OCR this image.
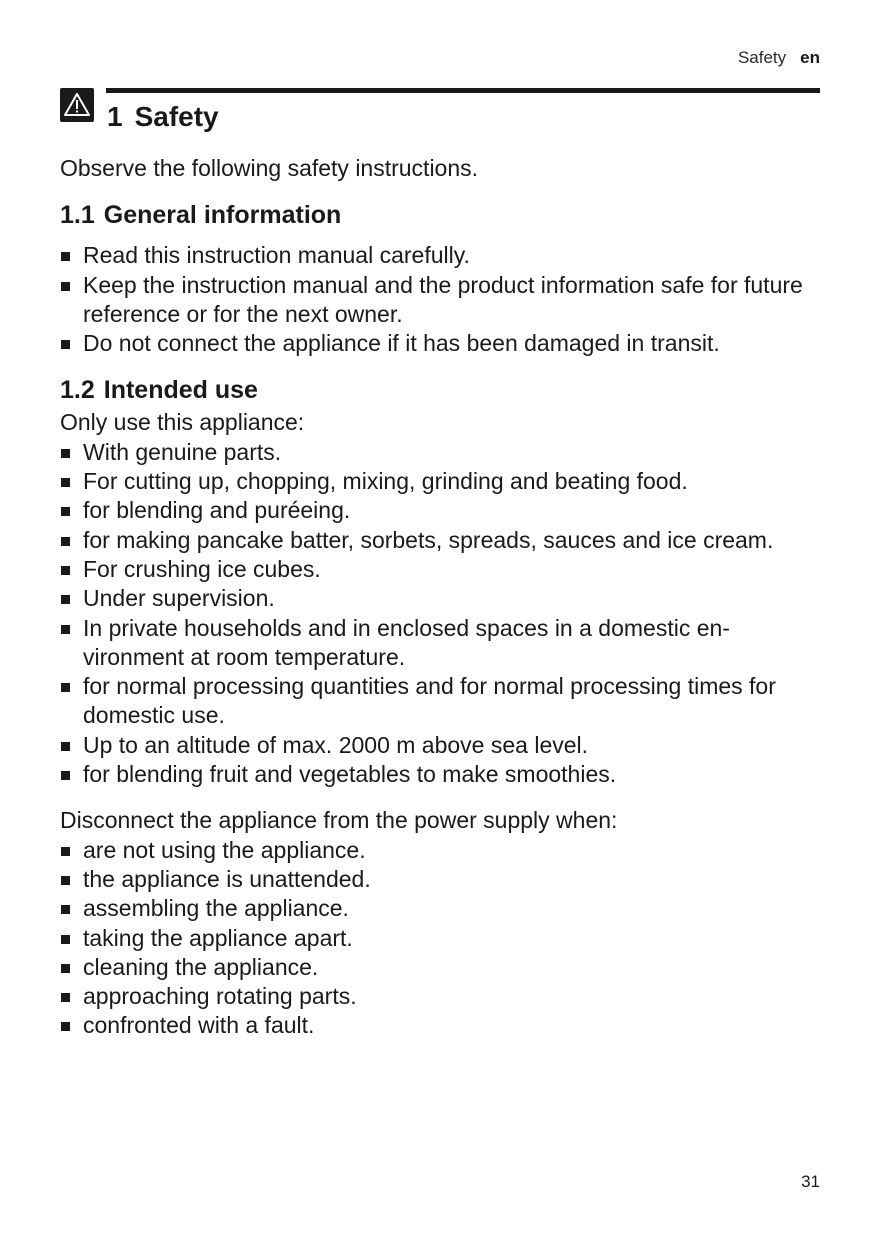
Safety en
1 Safety

Observe the following safety instructions.

1.1 General information
Read this instruction manual carefully.
Keep the instruction manual and the product information safe for future reference or for the next owner.
Do not connect the appliance if it has been damaged in transit.
1.2 Intended use

Only use this appliance:

With genuine parts.
For cutting up, chopping, mixing, grinding and beating food.
for blending and puréeing.
for making pancake batter, sorbets, spreads, sauces and ice cream.
For crushing ice cubes.
Under supervision.
In private households and in enclosed spaces in a domestic environment at room temperature.
for normal processing quantities and for normal processing times for domestic use.
Up to an altitude of max. 2000 m above sea level.
for blending fruit and vegetables to make smoothies.

Disconnect the appliance from the power supply when:

are not using the appliance.
the appliance is unattended.
assembling the appliance.
taking the appliance apart.
cleaning the appliance.
approaching rotating parts.
confronted with a fault.
31
